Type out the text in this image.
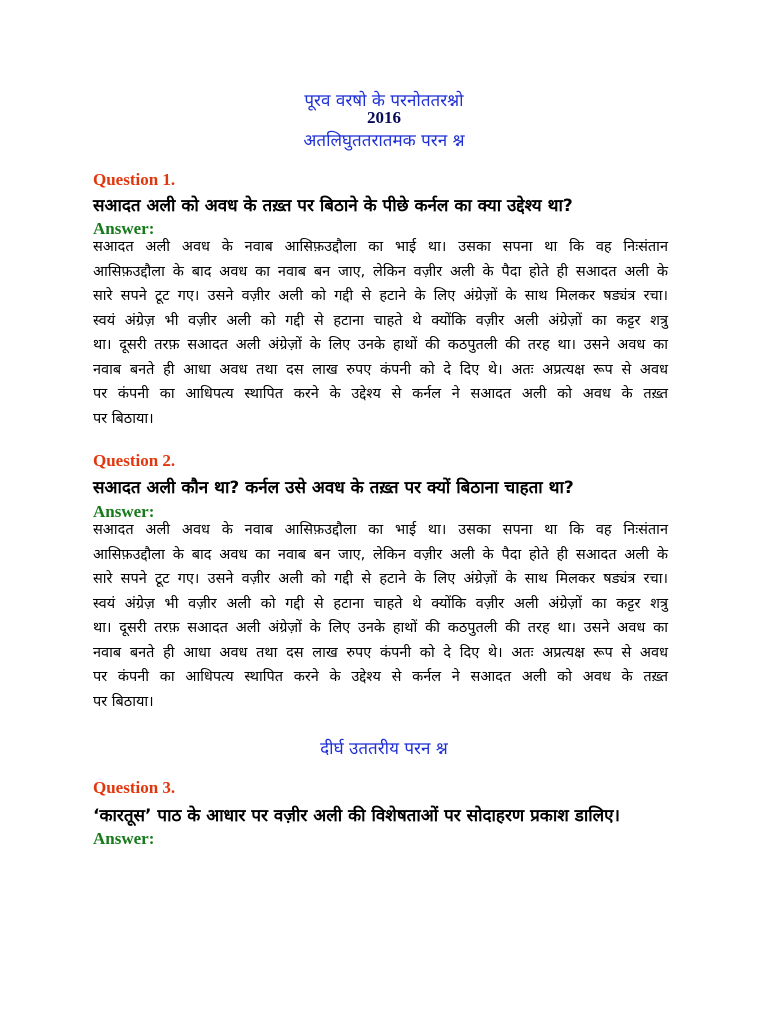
पूरव वरषो के परनोततरश्नो
2016
अतलिघुततरातमक परन श्न
Question 1.
सआदत अली को अवध के तख़्त पर बिठाने के पीछे कर्नल का क्या उद्देश्य था?
Answer:
सआदत अली अवध के नवाब आसिफ़उद्दौला का भाई था। उसका सपना था कि वह निःसंतान
आसिफ़उद्दौला के बाद अवध का नवाब बन जाए, लेकिन वज़ीर अली के पैदा होते ही सआदत अली के
सारे सपने टूट गए। उसने वज़ीर अली को गद्दी से हटाने के लिए अंग्रेज़ों के साथ मिलकर षड्यंत्र रचा।
स्वयं अंग्रेज़ भी वज़ीर अली को गद्दी से हटाना चाहते थे क्योंकि वज़ीर अली अंग्रेज़ों का कट्टर शत्रु
था। दूसरी तरफ़ सआदत अली अंग्रेज़ों के लिए उनके हाथों की कठपुतली की तरह था। उसने अवध का
नवाब बनते ही आधा अवध तथा दस लाख रुपए कंपनी को दे दिए थे। अतः अप्रत्यक्ष रूप से अवध
पर कंपनी का आधिपत्य स्थापित करने के उद्देश्य से कर्नल ने सआदत अली को अवध के तख़्त
पर बिठाया।
Question 2.
सआदत अली कौन था? कर्नल उसे अवध के तख़्त पर क्यों बिठाना चाहता था?
Answer:
सआदत अली अवध के नवाब आसिफ़उद्दौला का भाई था। उसका सपना था कि वह निःसंतान
आसिफ़उद्दौला के बाद अवध का नवाब बन जाए, लेकिन वज़ीर अली के पैदा होते ही सआदत अली के
सारे सपने टूट गए। उसने वज़ीर अली को गद्दी से हटाने के लिए अंग्रेज़ों के साथ मिलकर षड्यंत्र रचा।
स्वयं अंग्रेज़ भी वज़ीर अली को गद्दी से हटाना चाहते थे क्योंकि वज़ीर अली अंग्रेज़ों का कट्टर शत्रु
था। दूसरी तरफ़ सआदत अली अंग्रेज़ों के लिए उनके हाथों की कठपुतली की तरह था। उसने अवध का
नवाब बनते ही आधा अवध तथा दस लाख रुपए कंपनी को दे दिए थे। अतः अप्रत्यक्ष रूप से अवध
पर कंपनी का आधिपत्य स्थापित करने के उद्देश्य से कर्नल ने सआदत अली को अवध के तख़्त
पर बिठाया।
दीर्घ उततरीय परन श्न
Question 3.
‘कारतूस’ पाठ के आधार पर वज़ीर अली की विशेषताओं पर सोदाहरण प्रकाश डालिए।
Answer:
